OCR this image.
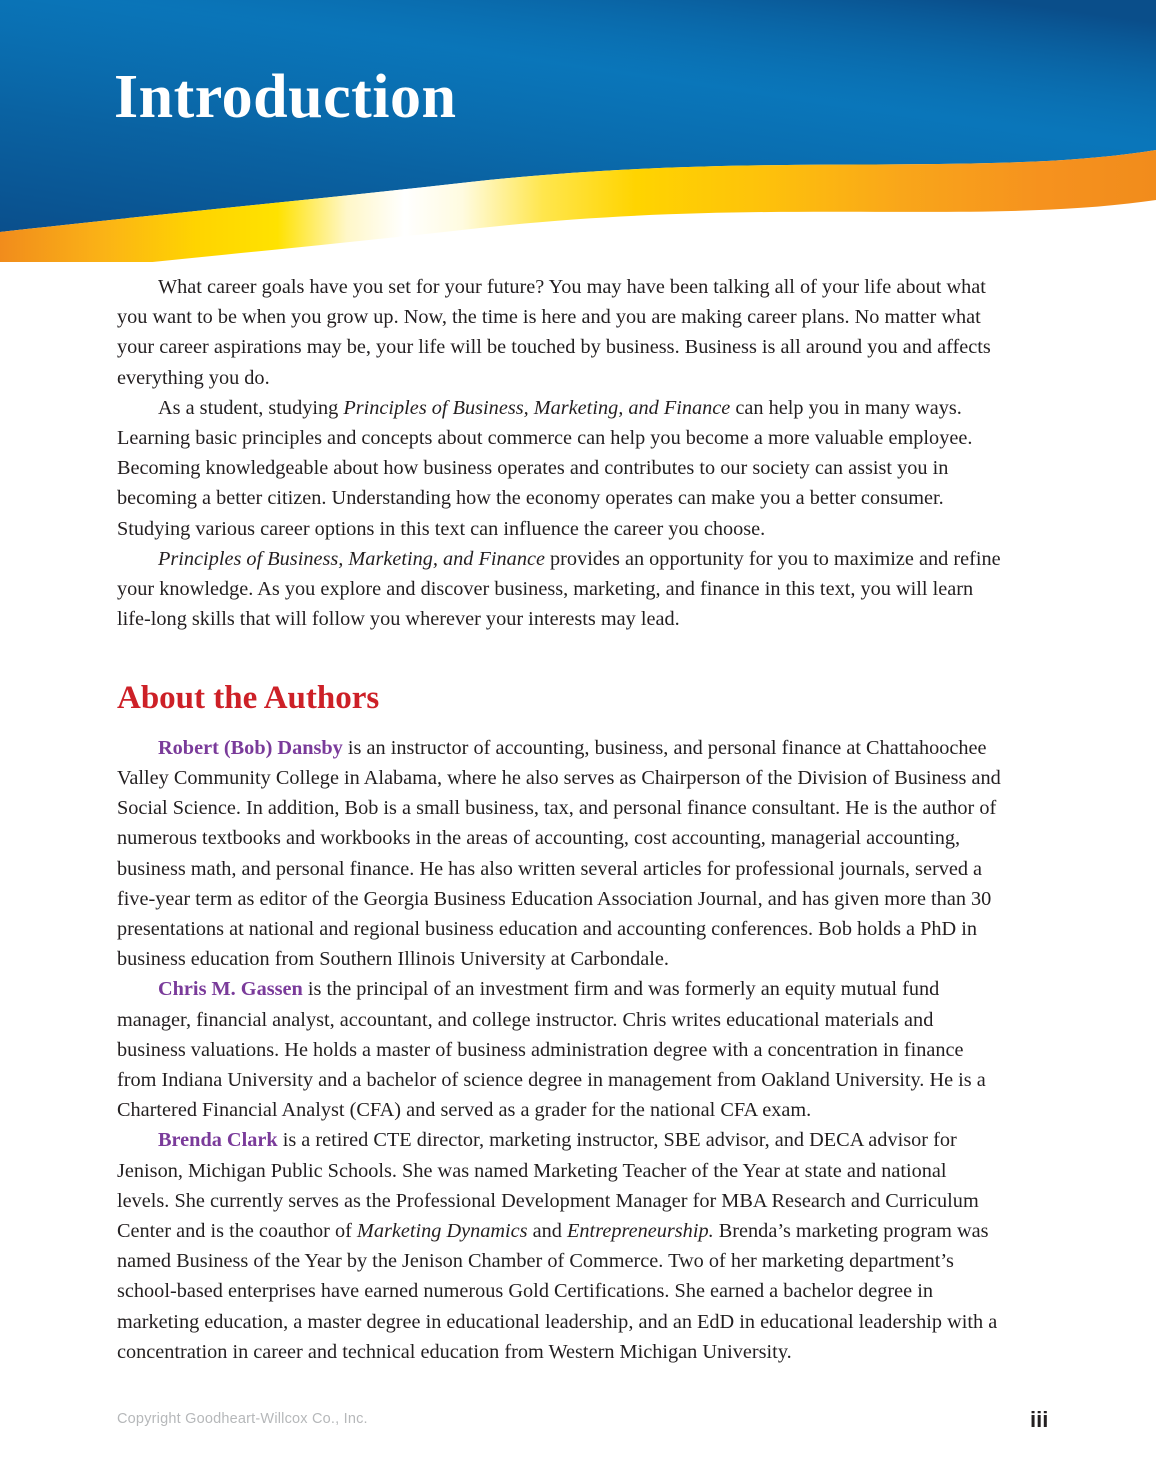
Introduction

What career goals have you set for your future? You may have been talking all of your life about what you want to be when you grow up. Now, the time is here and you are making career plans. No matter what your career aspirations may be, your life will be touched by business. Business is all around you and affects everything you do.

As a student, studying Principles of Business, Marketing, and Finance can help you in many ways. Learning basic principles and concepts about commerce can help you become a more valuable employee. Becoming knowledgeable about how business operates and contributes to our society can assist you in becoming a better citizen. Understanding how the economy operates can make you a better consumer. Studying various career options in this text can influence the career you choose.

Principles of Business, Marketing, and Finance provides an opportunity for you to maximize and refine your knowledge. As you explore and discover business, marketing, and finance in this text, you will learn life-long skills that will follow you wherever your interests may lead.

About the Authors

Robert (Bob) Dansby is an instructor of accounting, business, and personal finance at Chattahoochee Valley Community College in Alabama, where he also serves as Chairperson of the Division of Business and Social Science. In addition, Bob is a small business, tax, and personal finance consultant. He is the author of numerous textbooks and workbooks in the areas of accounting, cost accounting, managerial accounting, business math, and personal finance. He has also written several articles for professional journals, served a five-year term as editor of the Georgia Business Education Association Journal, and has given more than 30 presentations at national and regional business education and accounting conferences. Bob holds a PhD in business education from Southern Illinois University at Carbondale.

Chris M. Gassen is the principal of an investment firm and was formerly an equity mutual fund manager, financial analyst, accountant, and college instructor. Chris writes educational materials and business valuations. He holds a master of business administration degree with a concentration in finance from Indiana University and a bachelor of science degree in management from Oakland University. He is a Chartered Financial Analyst (CFA) and served as a grader for the national CFA exam.

Brenda Clark is a retired CTE director, marketing instructor, SBE advisor, and DECA advisor for Jenison, Michigan Public Schools. She was named Marketing Teacher of the Year at state and national levels. She currently serves as the Professional Development Manager for MBA Research and Curriculum Center and is the coauthor of Marketing Dynamics and Entrepreneurship. Brenda’s marketing program was named Business of the Year by the Jenison Chamber of Commerce. Two of her marketing department’s school-based enterprises have earned numerous Gold Certifications. She earned a bachelor degree in marketing education, a master degree in educational leadership, and an EdD in educational leadership with a concentration in career and technical education from Western Michigan University.

Copyright Goodheart-Willcox Co., Inc.	iii
